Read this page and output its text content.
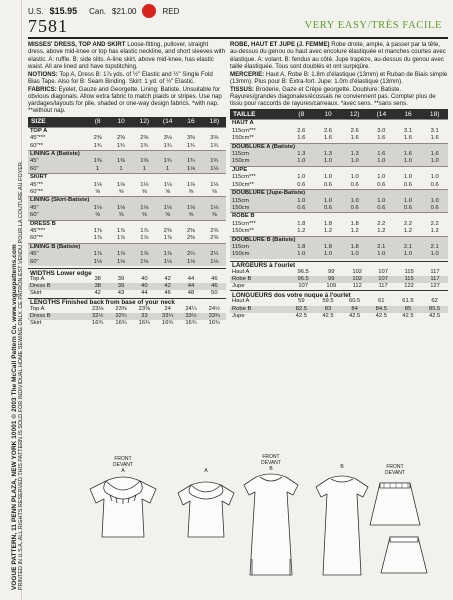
VOGUE PATTERN, 11 PENN PLAZA, NEW YORK 10001 © 2003 The McCall Pattern Co. www.voguepatterns.com PRINTED IN U.S.A. ALL RIGHTS RESERVED THIS PATTERN IS SOLD FOR INDIVIDUAL HOME SEWING ONLY. CE PATRON EST VENDU POUR LA COUTURE AU FOYER.
U.S. $15.95 Can. $21.00	RED
7581	VERY EASY/TRÈS FACILE

MISSES' DRESS, TOP AND SKIRT Loose-fitting, pullover, straight dress, above mid-knee or top has elastic neckline, and short sleeves with elastic. A: ruffle. B: side slits. A-line skirt, above mid-knee, has elastic waist. All are lined and have topstitching.

NOTIONS: Top A, Dress B: 1⅞ yds. of ½" Elastic and ½" Single Fold Bias Tape. Also for B: Seam Binding. Skirt: 1 yd. of ½" Elastic.

FABRICS: Eyelet, Gauze and Georgette. Lining: Batiste. Unsuitable for obvious diagonals. Allow extra fabric to match plaids or stripes. Use nap yardages/layouts for pile, shaded or one-way design fabrics. *with nap. **without nap.

SIZE	(8	10	12)	(14	16	18)
TOP A						
45"***	2⅜	2⅜	2⅜	3⅛	3⅜	3⅜
60"**	1¾	1¾	1¾	1¾	1¾	1¾
LINING A (Batiste)						
45"	1⅜	1⅜	1⅜	1¾	1¾	1¾
60"	1	1	1	1	1⅛	1⅛
SKIRT						
45"**	1⅛	1⅛	1⅛	1⅛	1⅛	1⅛
60"**	⅝	⅝	⅝	⅝	⅝	⅝
LINING (Skirt-Batiste)						
45"	1⅛	1⅛	1⅛	1⅛	1⅛	1⅛
60"	⅝	⅝	⅝	⅝	⅝	⅝
DRESS B						
45"***	1⅞	1⅞	1⅞	2⅜	2⅜	2⅜
60"**	1⅞	1⅞	1⅞	1⅞	2⅜	2⅜
LINING B (Batiste)						
45"	1⅞	1⅞	1⅞	1⅞	2¼	2¼
60"	1⅛	1⅛	1⅛	1⅛	1⅛	1⅛
WIDTHS Lower edge
Top A	38	39	40	42	44	46
Dress B	38	39	40	42	44	46
Skirt	42	43	44	46	48	50
LENGTHS Finished back from base of your neck
Top A	23⅛	23⅜	23⅝	24	24¼	24½
Dress B	32½	32¾	33	33¼	33½	33¾
Skirt	16¾	16¾	16¾	16¾	16¾	16¾

ROBE, HAUT ET JUPE (J. FEMME) Robe droite, ample, à passer par la tête, au-dessus du genou ou haut avec encolure élastiquée et manches courtes avec élastique. A: volant. B: fendus au côté. Jupe trapèze, au-dessus du genou avec taille élastiquée. Tous sont doublés et ont surpiqûre.

MERCERIE: Haut A, Robe B: 1.8m d'élastique (13mm) et Ruban de Biais simple (13mm). Plus pour B: Extra-fort. Jupe: 1.0m d'élastique (13mm).

TISSUS: Broderie, Gaze et Crêpe georgette. Doublure: Batiste. Rayures/grandes diagonales/écossais ne conviennent pas. Compter plus de tissu pour raccords de rayures/carreaux. *avec sens. **sans sens.

TAILLE	(8	10	12)	(14	16	18)
HAUT A						
115cm***	2.6	2.6	2.6	3.0	3.1	3.1
150cm**	1.6	1.6	1.6	1.6	1.6	1.6
DOUBLURE A (Batiste)						
115cm	1.3	1.3	1.3	1.6	1.6	1.6
150cm	1.0	1.0	1.0	1.0	1.0	1.0
JUPE						
115cm***	1.0	1.0	1.0	1.0	1.0	1.0
150cm**	0.6	0.6	0.6	0.6	0.6	0.6
DOUBLURE (Jupe-Batiste)						
115cm	1.0	1.0	1.0	1.0	1.0	1.0
150cm	0.6	0.6	0.6	0.6	0.6	0.6
ROBE B						
115cm***	1.8	1.8	1.8	2.2	2.2	2.2
150cm**	1.2	1.2	1.2	1.2	1.2	1.2
DOUBLURE B (Batiste)						
115cm	1.8	1.8	1.8	2.1	2.1	2.1
150cm	1.0	1.0	1.0	1.0	1.0	1.0
LARGEURS à l'ourlet
Haut A	96.5	99	102	107	115	117
Robe B	96.5	99	102	107	115	117
Jupe	107	109	112	117	122	127
LONGUEURS dos votre nuque à l'ourlet
Haut A	59	59.5	60.5	61	61.5	62
Robe B	82.5	83	84	84.5	85	85.5
Jupe	42.5	42.5	42.5	42.5	42.5	42.5
FRONT
DEVANT
A	A
FRONT
DEVANT
B	B	FRONT
DEVANT
